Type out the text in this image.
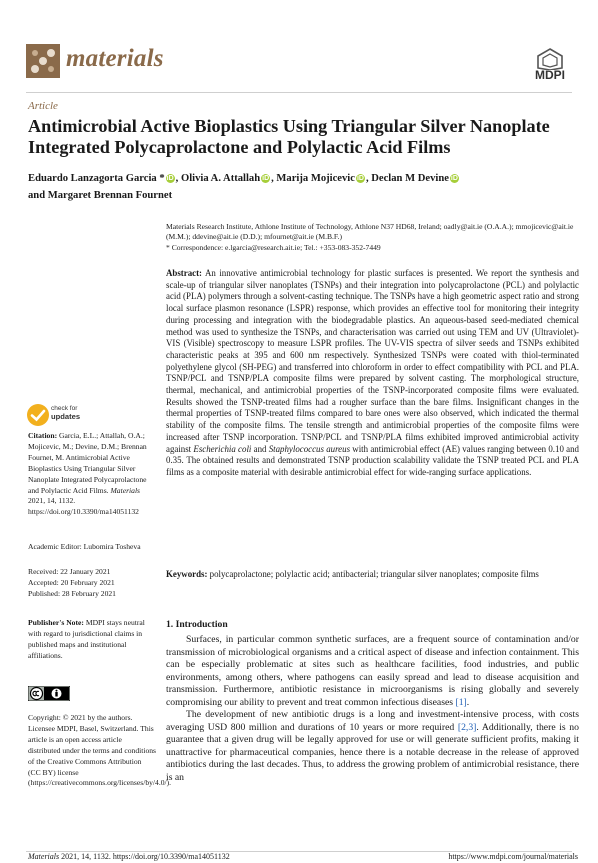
materials
MDPI
Article
Antimicrobial Active Bioplastics Using Triangular Silver Nanoplate Integrated Polycaprolactone and Polylactic Acid Films
Eduardo Lanzagorta Garcia * iD , Olivia A. Attallah iD , Marija Mojicevic iD , Declan M Devine iD
and Margaret Brennan Fournet

Materials Research Institute, Athlone Institute of Technology, Athlone N37 HD68, Ireland; oadly@ait.ie (O.A.A.); mmojicevic@ait.ie (M.M.); ddevine@ait.ie (D.D.); mfournet@ait.ie (M.B.F.)

* Correspondence: e.lgarcia@research.ait.ie; Tel.: +353-083-352-7449

Abstract: An innovative antimicrobial technology for plastic surfaces is presented. We report the synthesis and scale-up of triangular silver nanoplates (TSNPs) and their integration into polycaprolactone (PCL) and polylactic acid (PLA) polymers through a solvent-casting technique. The TSNPs have a high geometric aspect ratio and strong local surface plasmon resonance (LSPR) response, which provides an effective tool for monitoring their integrity during processing and integration with the biodegradable plastics. An aqueous-based seed-mediated chemical method was used to synthesize the TSNPs, and characterisation was carried out using TEM and UV (Ultraviolet)-VIS (Visible) spectroscopy to measure LSPR profiles. The UV-VIS spectra of silver seeds and TSNPs exhibited characteristic peaks at 395 and 600 nm respectively. Synthesized TSNPs were coated with thiol-terminated polyethylene glycol (SH-PEG) and transferred into chloroform in order to effect compatibility with PCL and PLA. TSNP/PCL and TSNP/PLA composite films were prepared by solvent casting. The morphological structure, thermal, mechanical, and antimicrobial properties of the TSNP-incorporated composite films were evaluated. Results showed the TSNP-treated films had a rougher surface than the bare films. Insignificant changes in the thermal properties of TSNP-treated films compared to bare ones were also observed, which indicated the thermal stability of the composite films. The tensile strength and antimicrobial properties of the composite films were increased after TSNP incorporation. TSNP/PCL and TSNP/PLA films exhibited improved antimicrobial activity against Escherichia coli and Staphylococcus aureus with antimicrobial effect (AE) values ranging between 0.10 and 0.35. The obtained results and demonstrated TSNP production scalability validate the TSNP treated PCL and PLA films as a composite material with desirable antimicrobial effect for wide-ranging surface applications.
Keywords: polycaprolactone; polylactic acid; antibacterial; triangular silver nanoplates; composite films
1. Introduction

Surfaces, in particular common synthetic surfaces, are a frequent source of contamination and/or transmission of microbiological organisms and a critical aspect of disease and infection containment. This can be especially problematic at sites such as healthcare facilities, food industries, and public environments, among others, where pathogens can easily spread and lead to disease acquisition and transmission. Furthermore, antibiotic resistance in microorganisms is rising globally and severely compromising our ability to prevent and treat common infectious diseases [1].

The development of new antibiotic drugs is a long and investment-intensive process, with costs averaging USD 800 million and durations of 10 years or more required [2,3]. Additionally, there is no guarantee that a given drug will be legally approved for use or will generate sufficient profits, making it unattractive for pharmaceutical companies, hence there is a notable decrease in the release of approved antibiotics during the last decades. Thus, to address the growing problem of antimicrobial resistance, there is an

check for
updates

Citation: Garcia, E.L.; Attallah, O.A.; Mojicevic, M.; Devine, D.M.; Brennan Fournet, M. Antimicrobial Active Bioplastics Using Triangular Silver Nanoplate Integrated Polycaprolactone and Polylactic Acid Films. Materials 2021, 14, 1132. https://doi.org/10.3390/ma14051132

Academic Editor: Lubomira Tosheva

Received: 22 January 2021

Accepted: 20 February 2021

Published: 28 February 2021

Publisher's Note: MDPI stays neutral with regard to jurisdictional claims in published maps and institutional affiliations.

Copyright: © 2021 by the authors. Licensee MDPI, Basel, Switzerland. This article is an open access article distributed under the terms and conditions of the Creative Commons Attribution (CC BY) license (https://creativecommons.org/licenses/by/4.0/).
Materials 2021, 14, 1132. https://doi.org/10.3390/ma14051132	https://www.mdpi.com/journal/materials
